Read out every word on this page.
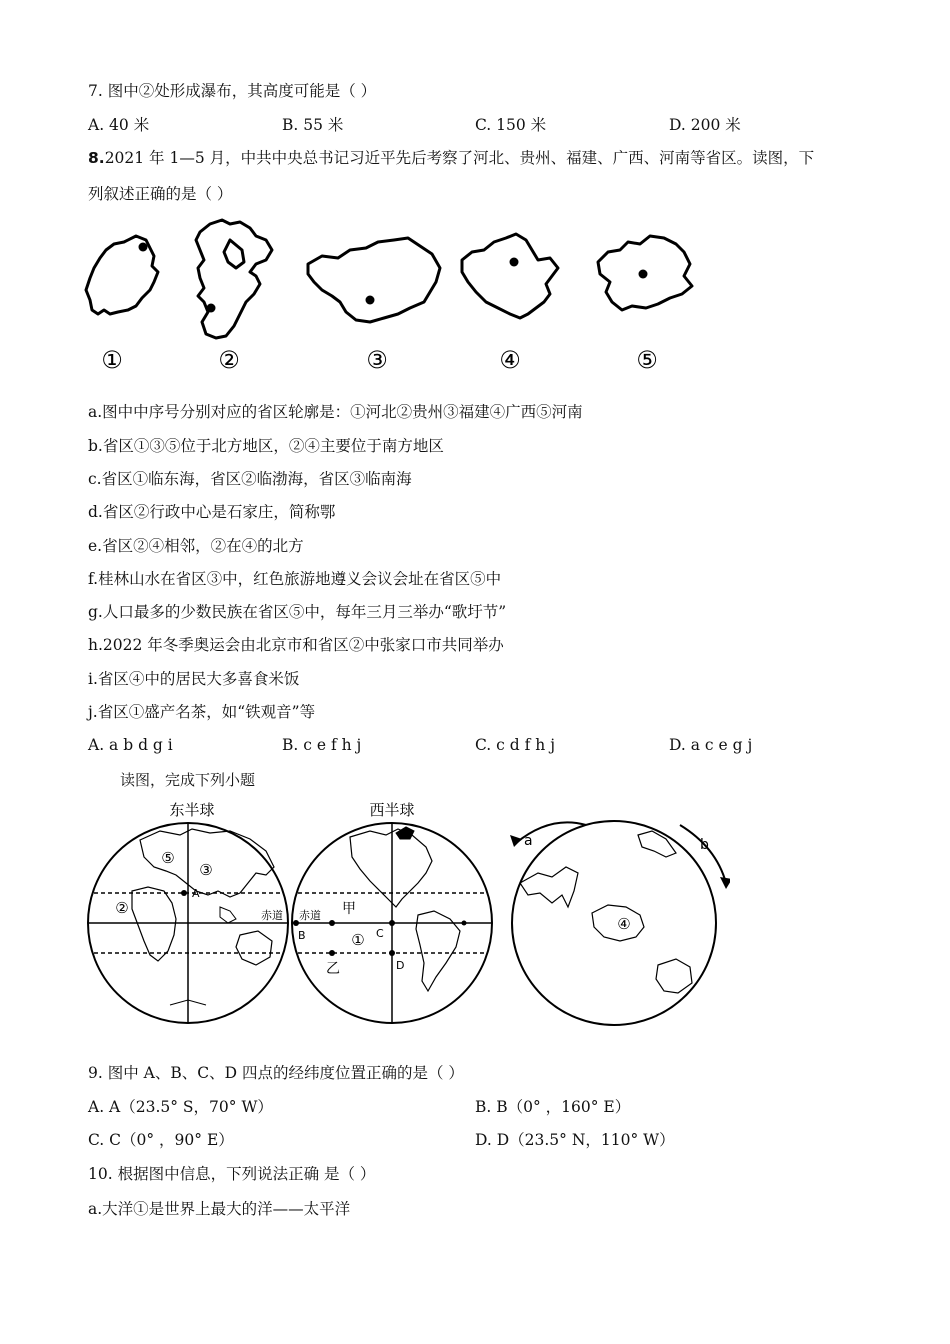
7. 图中②处形成瀑布，其高度可能是（ ）
A. 40 米	B. 55 米	C. 150 米	D. 200 米
8.2021 年 1—5 月，中共中央总书记习近平先后考察了河北、贵州、福建、广西、河南等省区。读图，下
列叙述正确的是（ ）
①	②	③	④	⑤
a.图中中序号分别对应的省区轮廓是：①河北②贵州③福建④广西⑤河南
b.省区①③⑤位于北方地区，②④主要位于南方地区
c.省区①临东海，省区②临渤海，省区③临南海
d.省区②行政中心是石家庄，简称鄂
e.省区②④相邻，②在④的北方
f.桂林山水在省区③中，红色旅游地遵义会议会址在省区⑤中
g.人口最多的少数民族在省区⑤中，每年三月三举办“歌圩节”
h.2022 年冬季奥运会由北京市和省区②中张家口市共同举办
i.省区④中的居民大多喜食米饭
j.省区①盛产名茶，如“铁观音”等
A. a b d g i	B. c e f h j	C. c d f h j	D. a c e g j
读图，完成下列小题
东半球
A
⑤
③
②	赤道
西半球
赤道 甲
乙
B	C
D
①
a	b
④
9. 图中 A、B、C、D 四点的经纬度位置正确的是（ ）
A. A（23.5° S，70° W）	B. B（0° ，160° E）
C. C（0° ，90° E）	D. D（23.5° N，110° W）
10. 根据图中信息，下列说法正确 是（ ）
a.大洋①是世界上最大的洋——太平洋
